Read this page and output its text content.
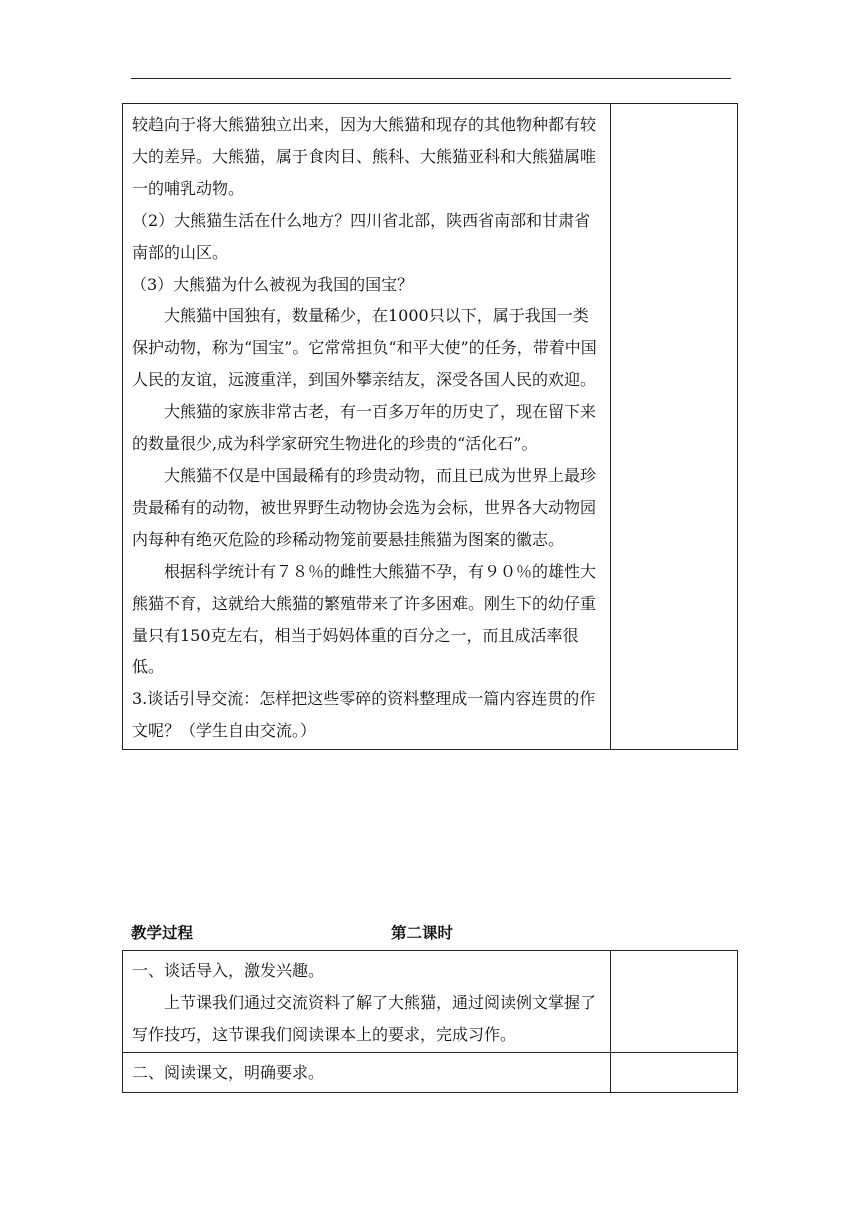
较趋向于将大熊猫独立出来，因为大熊猫和现存的其他物种都有较大的差异。大熊猫，属于食肉目、熊科、大熊猫亚科和大熊猫属唯一的哺乳动物。

（2）大熊猫生活在什么地方？四川省北部，陕西省南部和甘肃省南部的山区。

（3）大熊猫为什么被视为我国的国宝？

大熊猫中国独有，数量稀少，在1000只以下，属于我国一类保护动物，称为“国宝”。它常常担负“和平大使”的任务，带着中国人民的友谊，远渡重洋，到国外攀亲结友，深受各国人民的欢迎。

大熊猫的家族非常古老，有一百多万年的历史了，现在留下来的数量很少,成为科学家研究生物进化的珍贵的“活化石”。

大熊猫不仅是中国最稀有的珍贵动物，而且已成为世界上最珍贵最稀有的动物，被世界野生动物协会选为会标，世界各大动物园内每种有绝灭危险的珍稀动物笼前要悬挂熊猫为图案的徽志。

根据科学统计有７８％的雌性大熊猫不孕，有９０％的雄性大熊猫不育，这就给大熊猫的繁殖带来了许多困难。刚生下的幼仔重量只有150克左右，相当于妈妈体重的百分之一，而且成活率很低。

3.谈话引导交流：怎样把这些零碎的资料整理成一篇内容连贯的作文呢？（学生自由交流。）

教学过程	第二课时

一、谈话导入，激发兴趣。

上节课我们通过交流资料了解了大熊猫，通过阅读例文掌握了写作技巧，这节课我们阅读课本上的要求，完成习作。	

二、阅读课文，明确要求。	
